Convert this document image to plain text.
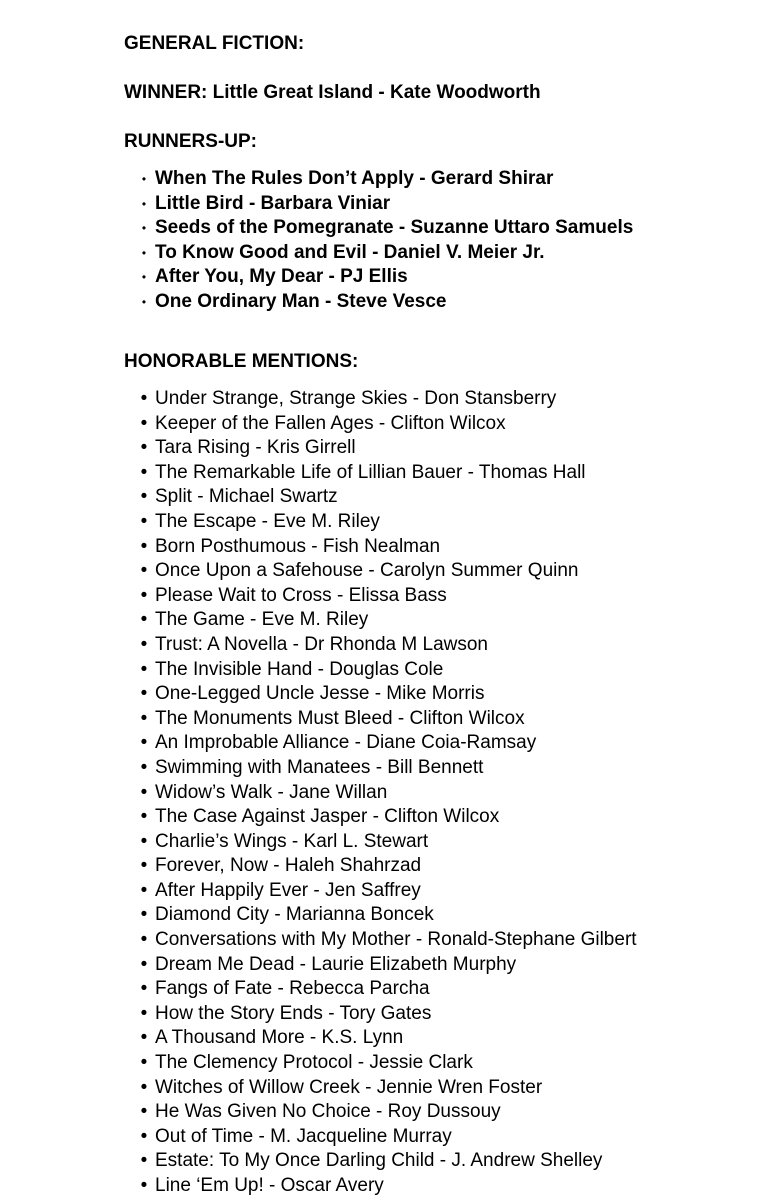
GENERAL FICTION:
WINNER: Little Great Island - Kate Woodworth
RUNNERS-UP:
• When The Rules Don’t Apply - Gerard Shirar
• Little Bird - Barbara Viniar
• Seeds of the Pomegranate - Suzanne Uttaro Samuels
• To Know Good and Evil - Daniel V. Meier Jr.
• After You, My Dear - PJ Ellis
• One Ordinary Man - Steve Vesce
HONORABLE MENTIONS:
• Under Strange, Strange Skies - Don Stansberry
• Keeper of the Fallen Ages - Clifton Wilcox
• Tara Rising - Kris Girrell
• The Remarkable Life of Lillian Bauer - Thomas Hall
• Split - Michael Swartz
• The Escape - Eve M. Riley
• Born Posthumous - Fish Nealman
• Once Upon a Safehouse - Carolyn Summer Quinn
• Please Wait to Cross - Elissa Bass
• The Game - Eve M. Riley
• Trust: A Novella - Dr Rhonda M Lawson
• The Invisible Hand - Douglas Cole
• One-Legged Uncle Jesse - Mike Morris
• The Monuments Must Bleed - Clifton Wilcox
• An Improbable Alliance - Diane Coia-Ramsay
• Swimming with Manatees - Bill Bennett
• Widow’s Walk - Jane Willan
• The Case Against Jasper - Clifton Wilcox
• Charlie’s Wings - Karl L. Stewart
• Forever, Now - Haleh Shahrzad
• After Happily Ever - Jen Saffrey
• Diamond City - Marianna Boncek
• Conversations with My Mother - Ronald-Stephane Gilbert
• Dream Me Dead - Laurie Elizabeth Murphy
• Fangs of Fate - Rebecca Parcha
• How the Story Ends - Tory Gates
• A Thousand More - K.S. Lynn
• The Clemency Protocol - Jessie Clark
• Witches of Willow Creek - Jennie Wren Foster
• He Was Given No Choice - Roy Dussouy
• Out of Time - M. Jacqueline Murray
• Estate: To My Once Darling Child - J. Andrew Shelley
• Line ‘Em Up! - Oscar Avery
